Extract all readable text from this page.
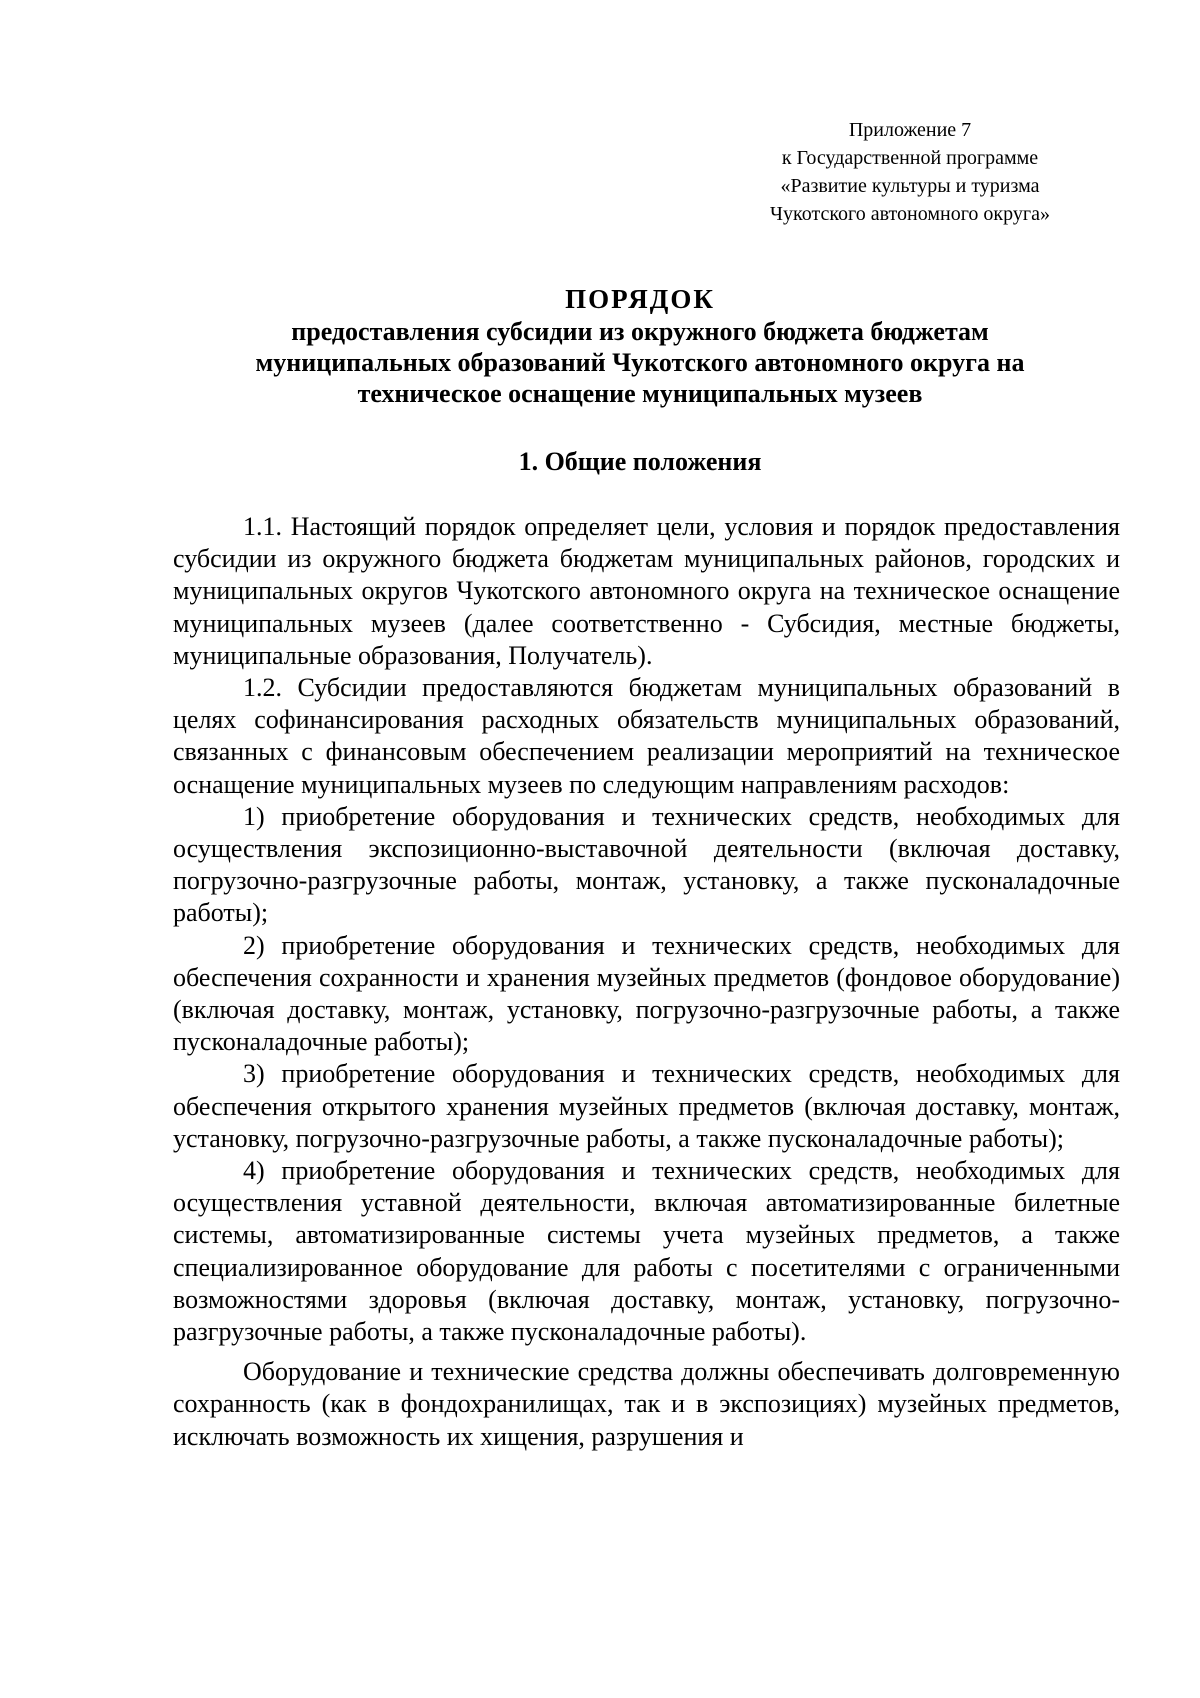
Приложение 7
к Государственной программе
«Развитие культуры и туризма
Чукотского автономного округа»
ПОРЯДОК
предоставления субсидии из окружного бюджета бюджетам
муниципальных образований Чукотского автономного округа на
техническое оснащение муниципальных музеев
1. Общие положения

1.1. Настоящий порядок определяет цели, условия и порядок предоставления субсидии из окружного бюджета бюджетам муниципальных районов, городских и муниципальных округов Чукотского автономного округа на техническое оснащение муниципальных музеев (далее соответственно - Субсидия, местные бюджеты, муниципальные образования, Получатель).

1.2. Субсидии предоставляются бюджетам муниципальных образований в целях софинансирования расходных обязательств муниципальных образований, связанных с финансовым обеспечением реализации мероприятий на техническое оснащение муниципальных музеев по следующим направлениям расходов:

1) приобретение оборудования и технических средств, необходимых для осуществления экспозиционно-выставочной деятельности (включая доставку, погрузочно-разгрузочные работы, монтаж, установку, а также пусконаладочные работы);

2) приобретение оборудования и технических средств, необходимых для обеспечения сохранности и хранения музейных предметов (фондовое оборудование) (включая доставку, монтаж, установку, погрузочно-разгрузочные работы, а также пусконаладочные работы);

3) приобретение оборудования и технических средств, необходимых для обеспечения открытого хранения музейных предметов (включая доставку, монтаж, установку, погрузочно-разгрузочные работы, а также пусконаладочные работы);

4) приобретение оборудования и технических средств, необходимых для осуществления уставной деятельности, включая автоматизированные билетные системы, автоматизированные системы учета музейных предметов, а также специализированное оборудование для работы с посетителями с ограниченными возможностями здоровья (включая доставку, монтаж, установку, погрузочно-разгрузочные работы, а также пусконаладочные работы).

Оборудование и технические средства должны обеспечивать долговременную сохранность (как в фондохранилищах, так и в экспозициях) музейных предметов, исключать возможность их хищения, разрушения и
